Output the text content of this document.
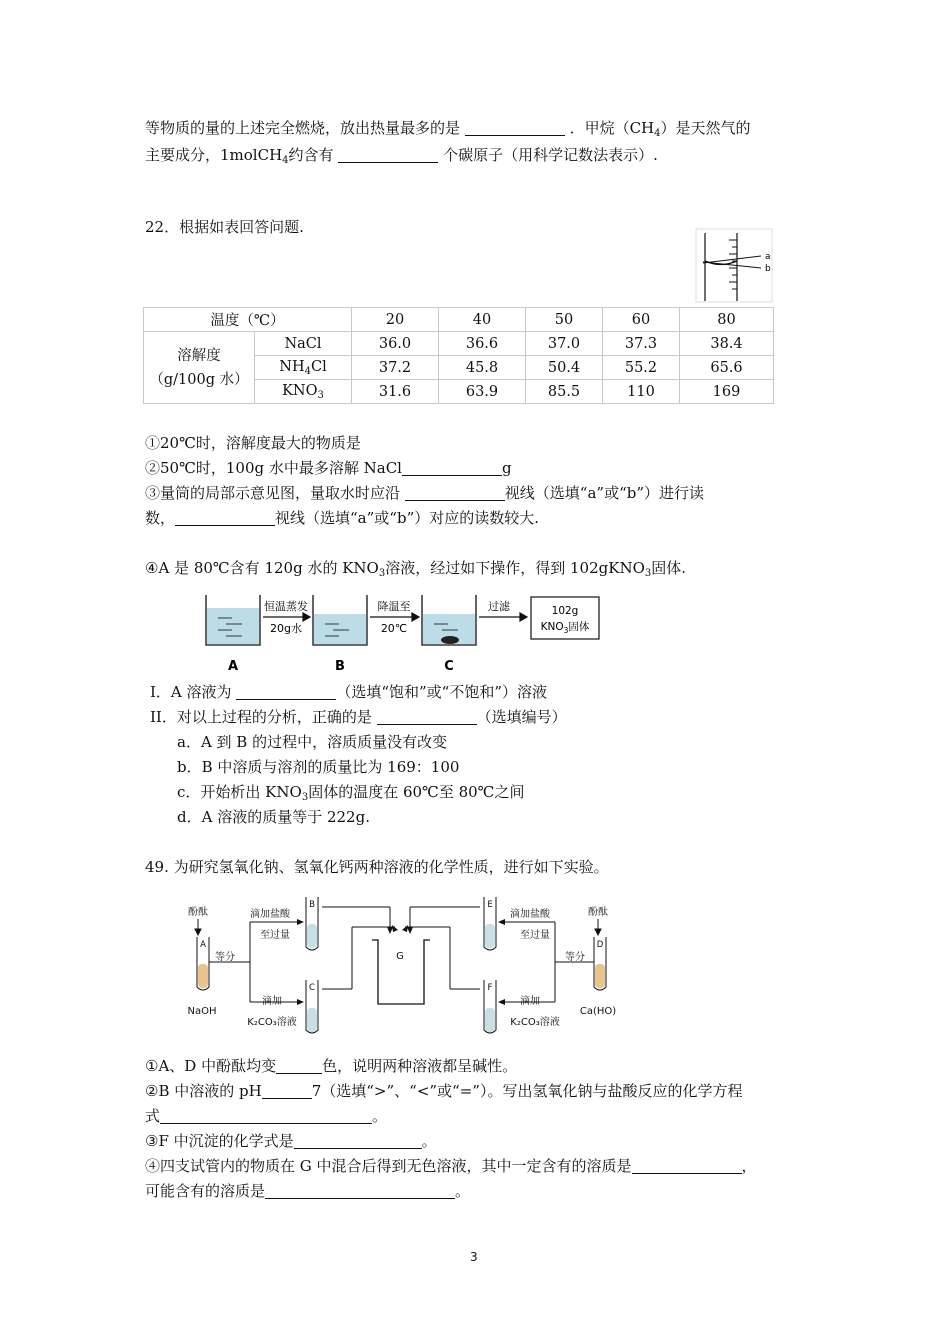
等物质的量的上述完全燃烧，放出热量最多的是	．甲烷$(CH_4)$是天然气的
主要成分，1molCH$_4$约含有	个碳原子（用科学记数法表示）.
22．根据如表回答问题.
a
b
温度（℃）		20	40	50	60	80

溶解度
（g/100g 水）	NaCl	36.0	36.6	37.0	37.3	38.4
	$NH_4Cl$	37.2	45.8	50.4	55.2	65.6
	$KNO_3$	31.6	63.9	85.5	110	169
①20℃时，溶解度最大的物质是
②50℃时，100g 水中最多溶解 NaCl	g
③量筒的局部示意见图，量取水时应沿	视线（选填“a”或“b”）进行读
数，	视线（选填“a”或“b”）对应的读数较大.
④A 是 80℃含有 120g 水的 $KNO_3$溶液，经过如下操作，得到 102gKNO$_3$固体.
恒温蒸发
20g水
降温至
20℃
过滤	102g
$KNO_3$固体
A	B	C
I．A 溶液为	（选填“饱和”或“不饱和”）溶液
II．对以上过程的分析，正确的是	（选填编号）
a．A 到 B 的过程中，溶质质量没有改变
b．B 中溶质与溶剂的质量比为 169：100
c．开始析出 $KNO_3$固体的温度在 60℃至 80℃之间
d．A 溶液的质量等于 222g.
49. 为研究氢氧化钠、氢氧化钙两种溶液的化学性质，进行如下实验。
酚酞	酚酞
滴加盐酸
至过量
滴加盐酸
至过量
等分	等分
滴加	滴加
K₂CO₃溶液	K₂CO₃溶液
NaOH	Ca(HO)
G
A	D
B	E
C	F
①A、D 中酚酞均变	色，说明两种溶液都呈碱性。
②B 中溶液的 pH	7（选填“>”、“<”或“=”）。写出氢氧化钠与盐酸反应的化学方程
式	。
③F 中沉淀的化学式是	。
④四支试管内的物质在 G 中混合后得到无色溶液，其中一定含有的溶质是	，
可能含有的溶质是	。
3
